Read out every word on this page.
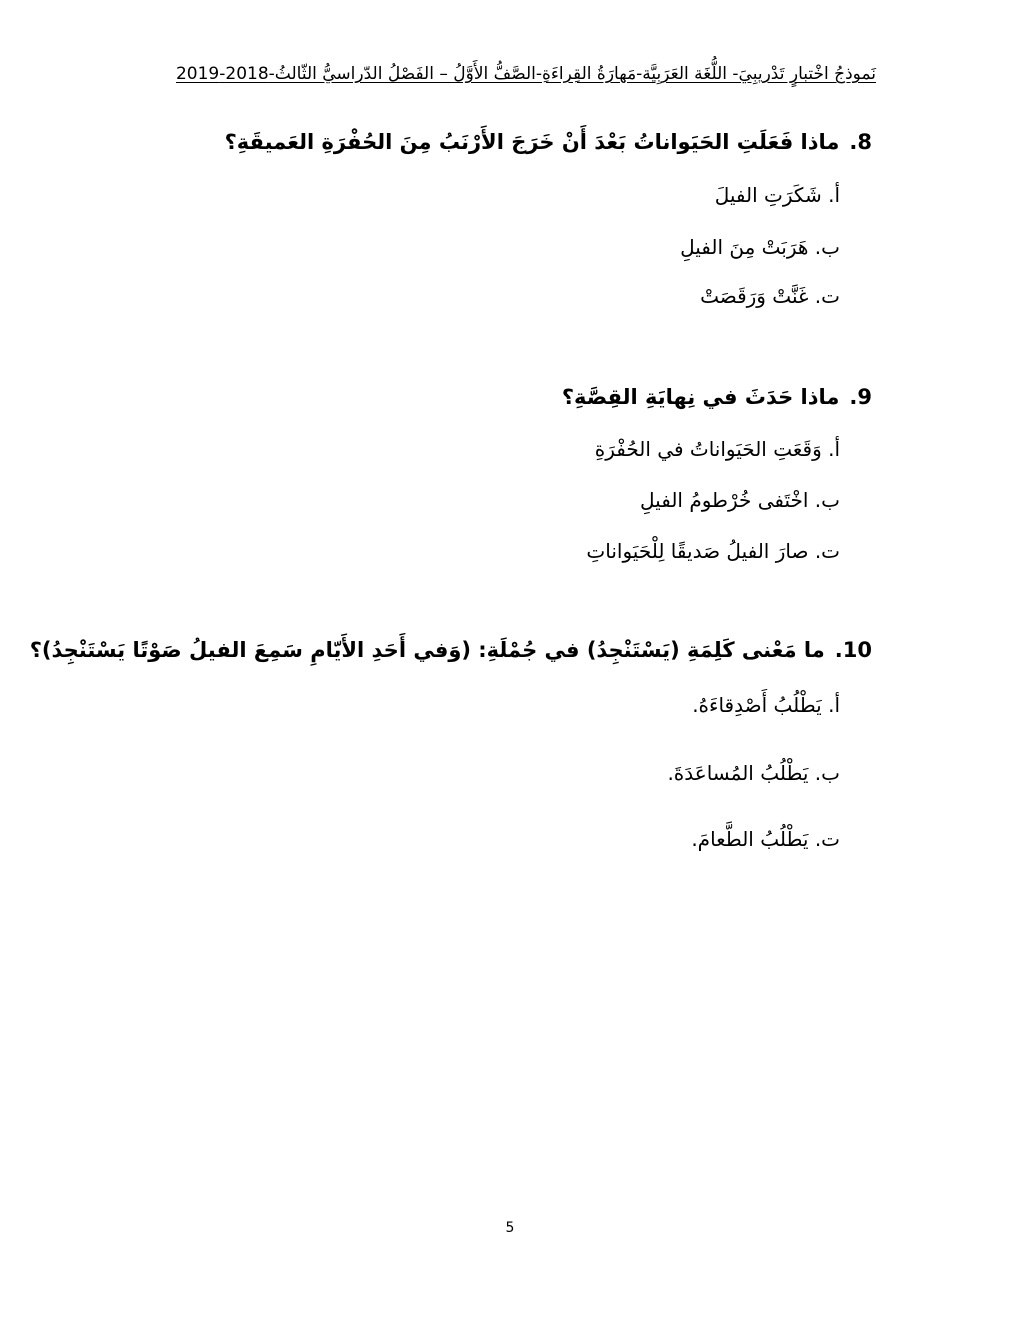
نَموذجُ اخْتبارٍ تَدْريبِيَ- اللُّغَة العَرَبِيَّة-مَهارَةُ القِراءَةِ-الصَّفُّ الأَوَّلُ – الفَصْلُ الدّراسيُّ الثّالثُ-2018-2019
8.ماذا فَعَلَتِ الحَيَواناتُ بَعْدَ أَنْ خَرَجَ الأَرْنَبُ مِنَ الحُفْرَةِ العَميقَةِ؟
أ. شَكَرَتِ الفيلَ
ب. هَرَبَتْ مِنَ الفيلِ
ت. غَنَّتْ وَرَقَصَتْ
9.ماذا حَدَثَ في نِهايَةِ القِصَّةِ؟
أ. وَقَعَتِ الحَيَواناتُ في الحُفْرَةِ
ب. اخْتَفى خُرْطومُ الفيلِ
ت. صارَ الفيلُ صَديقًا لِلْحَيَواناتِ
10.ما مَعْنى كَلِمَةِ (يَسْتَنْجِدُ) في جُمْلَةِ: (وَفي أَحَدِ الأَيّامِ سَمِعَ الفيلُ صَوْتًا يَسْتَنْجِدُ)؟
أ. يَطْلُبُ أَصْدِقاءَهُ.
ب. يَطْلُبُ المُساعَدَةَ.
ت. يَطْلُبُ الطَّعامَ.
5
